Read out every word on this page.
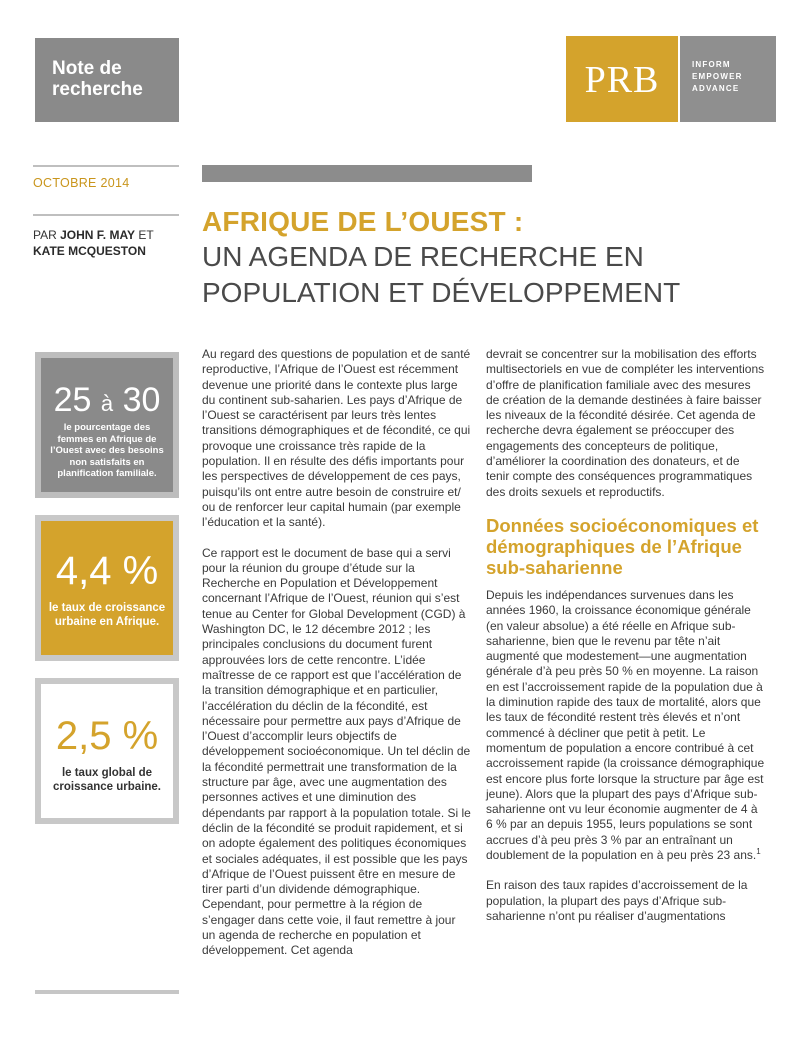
Note de recherche	PRB	INFORM
EMPOWER
ADVANCE
OCTOBRE 2014
PAR JOHN F. MAY ET
KATE MCQUESTON
AFRIQUE DE L’OUEST :
UN AGENDA DE RECHERCHE EN
POPULATION ET DÉVELOPPEMENT
25 à 30
le pourcentage des femmes en Afrique de l’Ouest avec des besoins non satisfaits en planification familiale.
4,4 %
le taux de croissance urbaine en Afrique.
2,5 %
le taux global de croissance urbaine.

Au regard des questions de population et de santé reproductive, l’Afrique de l’Ouest est récemment devenue une priorité dans le contexte plus large du continent sub-saharien. Les pays d’Afrique de l’Ouest se caractérisent par leurs très lentes transitions démographiques et de fécondité, ce qui provoque une croissance très rapide de la population. Il en résulte des défis importants pour les perspectives de développement de ces pays, puisqu’ils ont entre autre besoin de construire et/ ou de renforcer leur capital humain (par exemple l’éducation et la santé).

Ce rapport est le document de base qui a servi pour la réunion du groupe d’étude sur la Recherche en Population et Développement concernant l’Afrique de l’Ouest, réunion qui s’est tenue au Center for Global Development (CGD) à Washington DC, le 12 décembre 2012 ; les principales conclusions du document furent approuvées lors de cette rencontre. L’idée maîtresse de ce rapport est que l’accélération de la transition démographique et en particulier, l’accélération du déclin de la fécondité, est nécessaire pour permettre aux pays d’Afrique de l’Ouest d’accomplir leurs objectifs de développement socioéconomique. Un tel déclin de la fécondité permettrait une transformation de la structure par âge, avec une augmentation des personnes actives et une diminution des dépendants par rapport à la population totale. Si le déclin de la fécondité se produit rapidement, et si on adopte également des politiques économiques et sociales adéquates, il est possible que les pays d’Afrique de l’Ouest puissent être en mesure de tirer parti d’un dividende démographique. Cependant, pour permettre à la région de s’engager dans cette voie, il faut remettre à jour un agenda de recherche en population et développement. Cet agenda

devrait se concentrer sur la mobilisation des efforts multisectoriels en vue de compléter les interventions d’offre de planification familiale avec des mesures de création de la demande destinées à faire baisser les niveaux de la fécondité désirée. Cet agenda de recherche devra également se préoccuper des engagements des concepteurs de politique, d’améliorer la coordination des donateurs, et de tenir compte des conséquences programmatiques des droits sexuels et reproductifs.

Données socioéconomiques et démographiques de l’Afrique sub-saharienne

Depuis les indépendances survenues dans les années 1960, la croissance économique générale (en valeur absolue) a été réelle en Afrique sub-saharienne, bien que le revenu par tête n’ait augmenté que modestement—une augmentation générale d’à peu près 50 % en moyenne. La raison en est l’accroissement rapide de la population due à la diminution rapide des taux de mortalité, alors que les taux de fécondité restent très élevés et n’ont commencé à décliner que petit à petit. Le momentum de population a encore contribué à cet accroissement rapide (la croissance démographique est encore plus forte lorsque la structure par âge est jeune). Alors que la plupart des pays d’Afrique sub-saharienne ont vu leur économie augmenter de 4 à 6 % par an depuis 1955, leurs populations se sont accrues d’à peu près 3 % par an entraînant un doublement de la population en à peu près 23 ans.$^1$

En raison des taux rapides d’accroissement de la population, la plupart des pays d’Afrique sub-saharienne n’ont pu réaliser d’augmentations
